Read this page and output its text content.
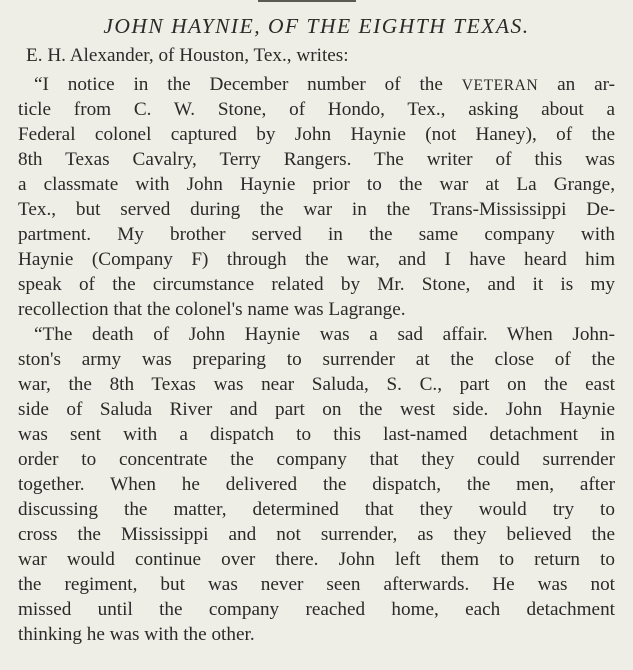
JOHN HAYNIE, OF THE EIGHTH TEXAS.

E. H. Alexander, of Houston, Tex., writes:

“I notice in the December number of the VETERAN an ar-

ticle from C. W. Stone, of Hondo, Tex., asking about a

Federal colonel captured by John Haynie (not Haney), of the

8th Texas Cavalry, Terry Rangers. The writer of this was

a classmate with John Haynie prior to the war at La Grange,

Tex., but served during the war in the Trans-Mississippi De-

partment. My brother served in the same company with

Haynie (Company F) through the war, and I have heard him

speak of the circumstance related by Mr. Stone, and it is my

recollection that the colonel's name was Lagrange.

“The death of John Haynie was a sad affair. When John-

ston's army was preparing to surrender at the close of the

war, the 8th Texas was near Saluda, S. C., part on the east

side of Saluda River and part on the west side. John Haynie

was sent with a dispatch to this last-named detachment in

order to concentrate the company that they could surrender

together. When he delivered the dispatch, the men, after

discussing the matter, determined that they would try to

cross the Mississippi and not surrender, as they believed the

war would continue over there. John left them to return to

the regiment, but was never seen afterwards. He was not

missed until the company reached home, each detachment

thinking he was with the other.
